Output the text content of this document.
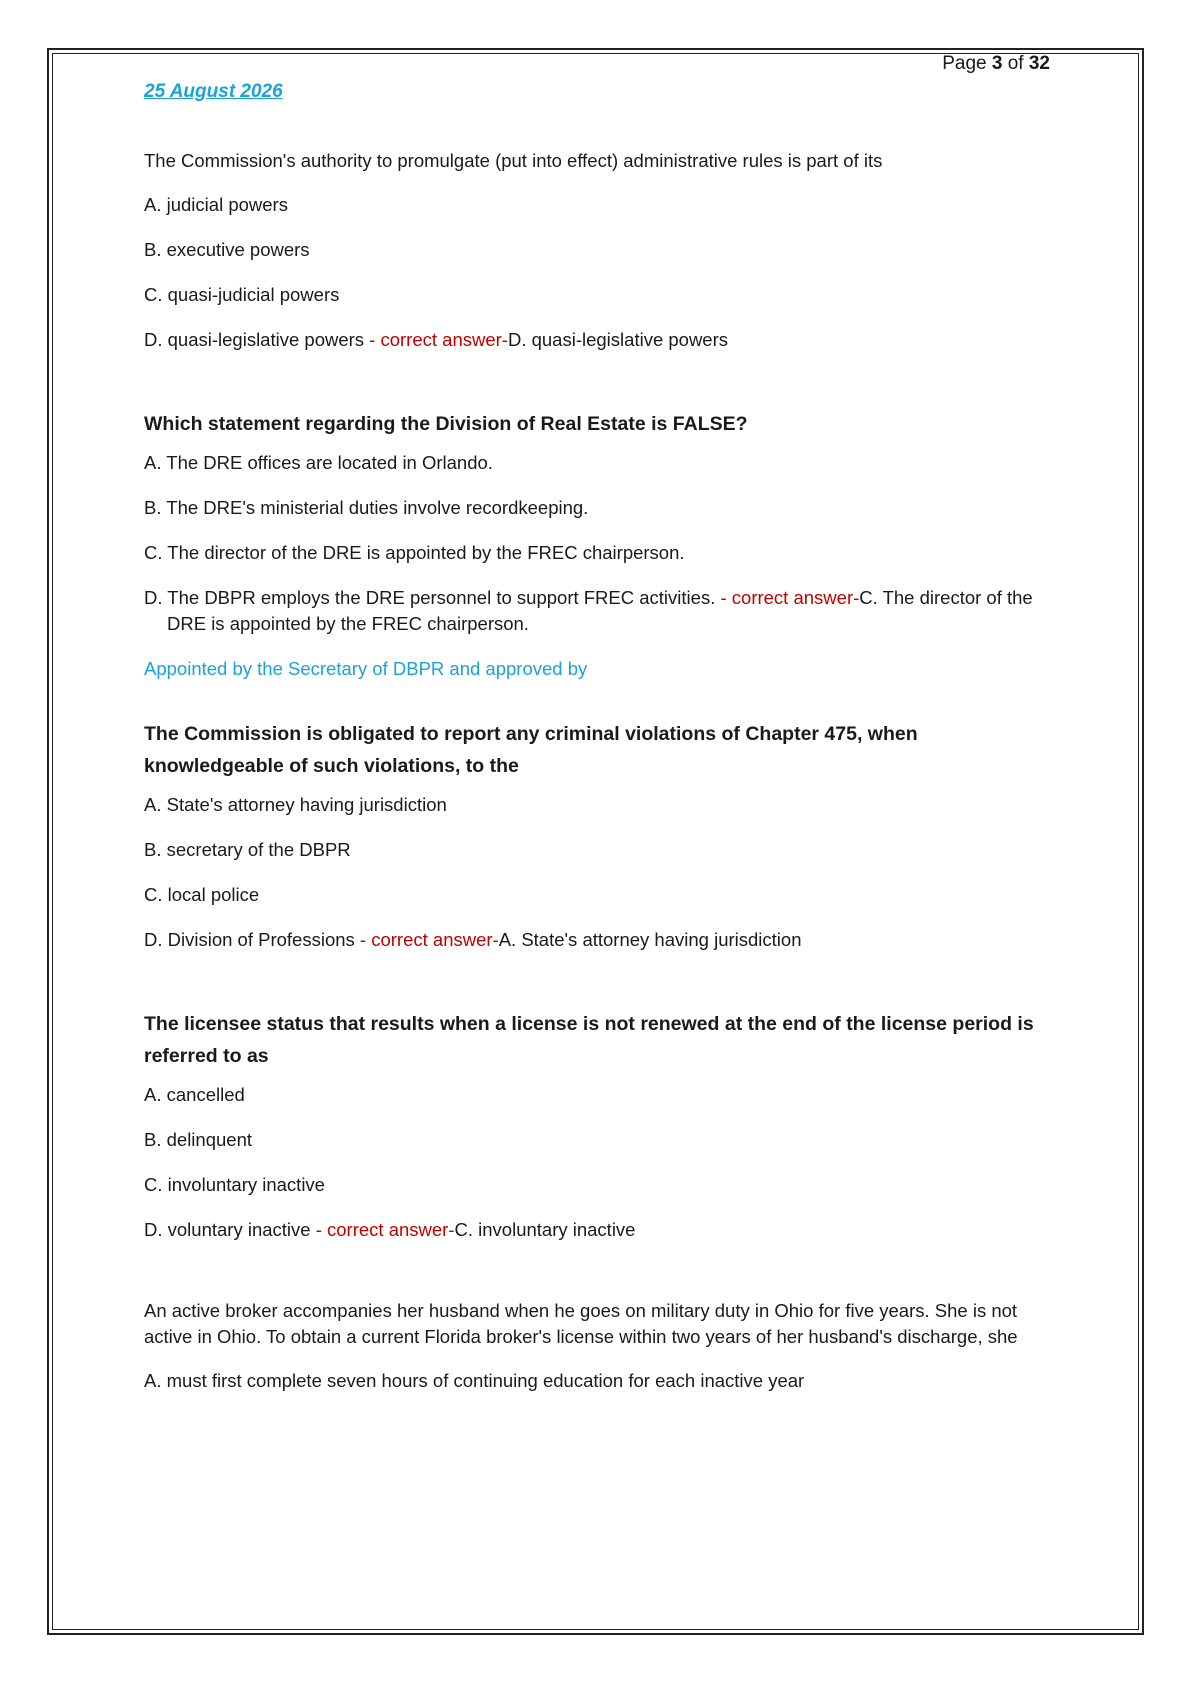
Page 3 of 32
25 August 2026

The Commission's authority to promulgate (put into effect) administrative rules is part of its

A. judicial powers

B. executive powers

C. quasi-judicial powers

D. quasi-legislative powers - correct answer-D. quasi-legislative powers

Which statement regarding the Division of Real Estate is FALSE?

A. The DRE offices are located in Orlando.

B. The DRE's ministerial duties involve recordkeeping.

C. The director of the DRE is appointed by the FREC chairperson.

D. The DBPR employs the DRE personnel to support FREC activities. - correct answer-C. The director of the DRE is appointed by the FREC chairperson.

Appointed by the Secretary of DBPR and approved by

The Commission is obligated to report any criminal violations of Chapter 475, when knowledgeable of such violations, to the

A. State's attorney having jurisdiction

B. secretary of the DBPR

C. local police

D. Division of Professions - correct answer-A. State's attorney having jurisdiction

The licensee status that results when a license is not renewed at the end of the license period is referred to as

A. cancelled

B. delinquent

C. involuntary inactive

D. voluntary inactive - correct answer-C. involuntary inactive

An active broker accompanies her husband when he goes on military duty in Ohio for five years. She is not active in Ohio. To obtain a current Florida broker's license within two years of her husband's discharge, she

A. must first complete seven hours of continuing education for each inactive year
